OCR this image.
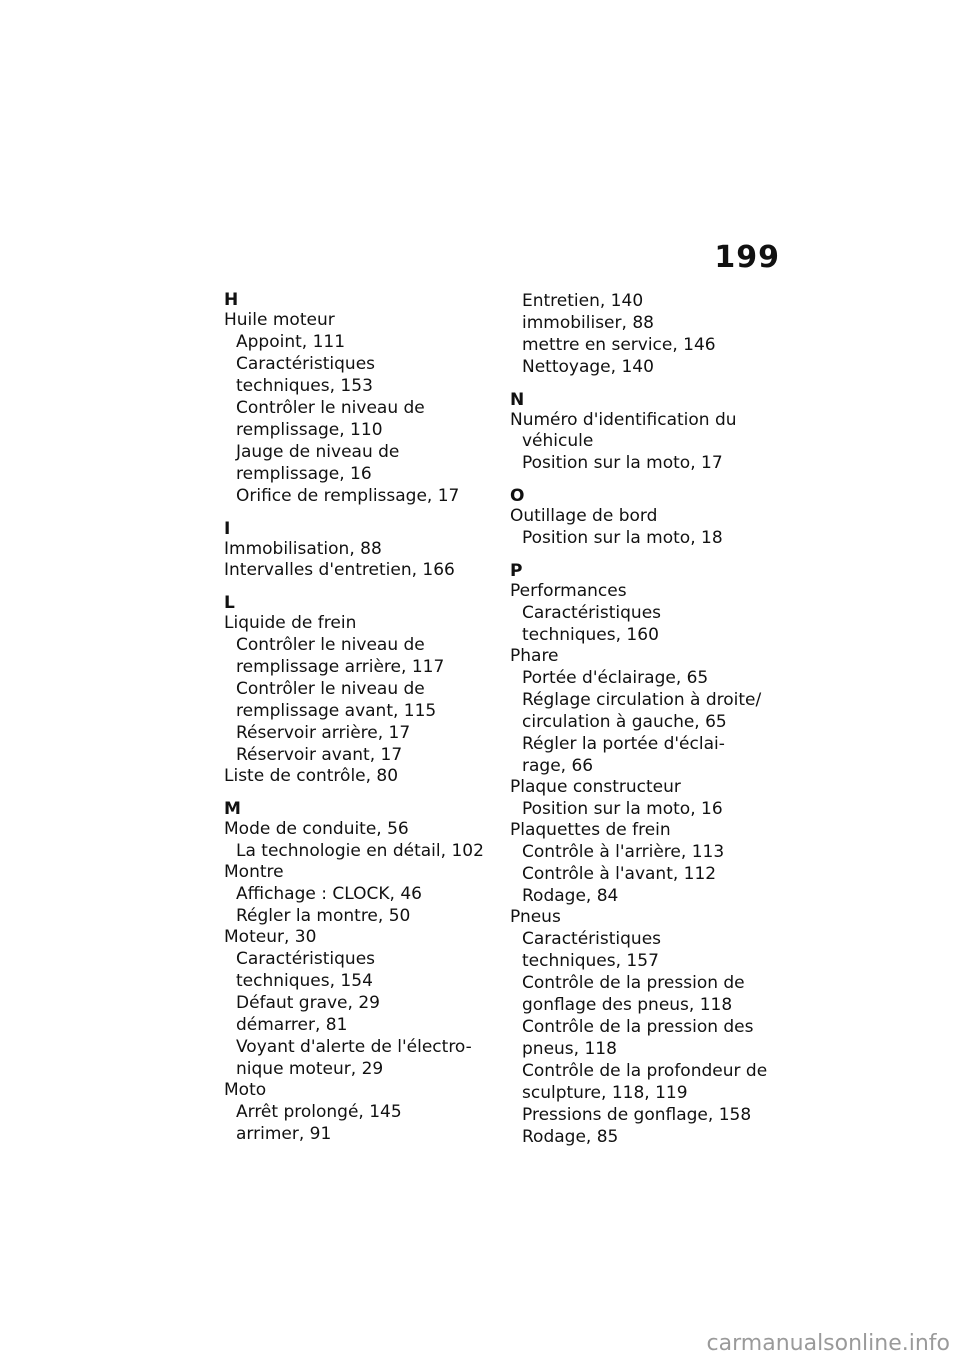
199
H
Huile moteur
Appoint, 111
Caractéristiques
techniques, 153
Contrôler le niveau de
remplissage, 110
Jauge de niveau de
remplissage, 16
Orifice de remplissage, 17
I
Immobilisation, 88
Intervalles d'entretien, 166
L
Liquide de frein
Contrôler le niveau de
remplissage arrière, 117
Contrôler le niveau de
remplissage avant, 115
Réservoir arrière, 17
Réservoir avant, 17
Liste de contrôle, 80
M
Mode de conduite, 56
La technologie en détail, 102
Montre
Affichage : CLOCK, 46
Régler la montre, 50
Moteur, 30
Caractéristiques
techniques, 154
Défaut grave, 29
démarrer, 81
Voyant d'alerte de l'électro-
nique moteur, 29
Moto
Arrêt prolongé, 145
arrimer, 91
Entretien, 140
immobiliser, 88
mettre en service, 146
Nettoyage, 140
N
Numéro d'identification du
véhicule
Position sur la moto, 17
O
Outillage de bord
Position sur la moto, 18
P
Performances
Caractéristiques
techniques, 160
Phare
Portée d'éclairage, 65
Réglage circulation à droite/
circulation à gauche, 65
Régler la portée d'éclai-
rage, 66
Plaque constructeur
Position sur la moto, 16
Plaquettes de frein
Contrôle à l'arrière, 113
Contrôle à l'avant, 112
Rodage, 84
Pneus
Caractéristiques
techniques, 157
Contrôle de la pression de
gonflage des pneus, 118
Contrôle de la pression des
pneus, 118
Contrôle de la profondeur de
sculpture, 118, 119
Pressions de gonflage, 158
Rodage, 85
carmanualsonline.info
